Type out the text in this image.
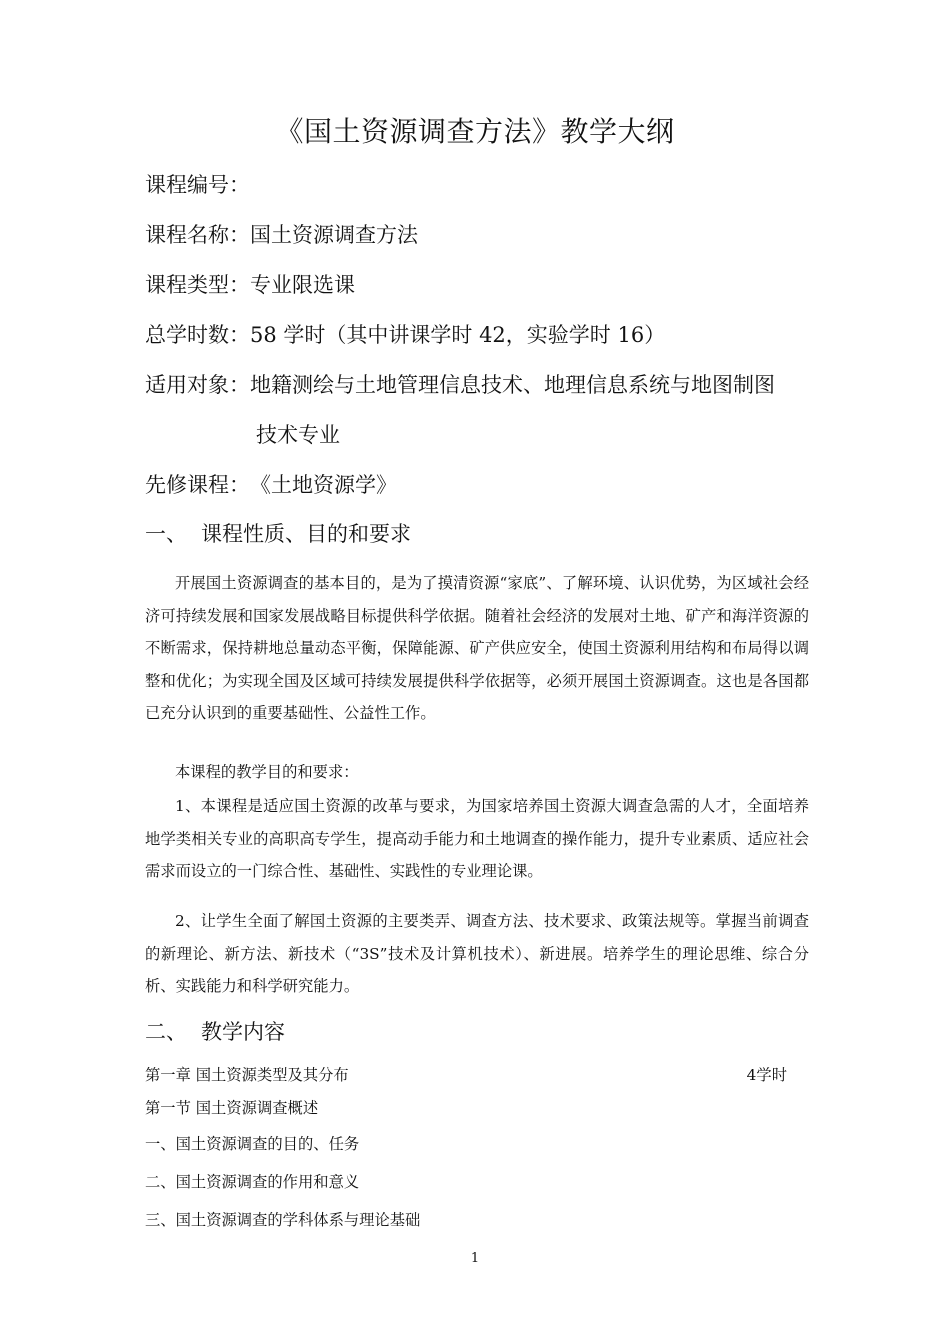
《国土资源调查方法》教学大纲
课程编号：
课程名称：国土资源调查方法
课程类型：专业限选课
总学时数：58 学时（其中讲课学时 42，实验学时 16）
适用对象：地籍测绘与土地管理信息技术、地理信息系统与地图制图
技术专业
先修课程：《土地资源学》
一、 课程性质、目的和要求
开展国土资源调查的基本目的，是为了摸清资源“家底”、了解环境、认识优势，为区域社会经济可持续发展和国家发展战略目标提供科学依据。随着社会经济的发展对土地、矿产和海洋资源的不断需求，保持耕地总量动态平衡，保障能源、矿产供应安全，使国土资源利用结构和布局得以调整和优化；为实现全国及区域可持续发展提供科学依据等，必须开展国土资源调查。这也是各国都已充分认识到的重要基础性、公益性工作。
本课程的教学目的和要求：
1、本课程是适应国土资源的改革与要求，为国家培养国土资源大调查急需的人才，全面培养地学类相关专业的高职高专学生，提高动手能力和土地调查的操作能力，提升专业素质、适应社会需求而设立的一门综合性、基础性、实践性的专业理论课。
2、让学生全面了解国土资源的主要类弄、调查方法、技术要求、政策法规等。掌握当前调查的新理论、新方法、新技术（“3S”技术及计算机技术）、新进展。培养学生的理论思维、综合分析、实践能力和科学研究能力。
二、 教学内容
第一章 国土资源类型及其分布	4学时
第一节 国土资源调查概述
一、国土资源调查的目的、任务
二、国土资源调查的作用和意义
三、国土资源调查的学科体系与理论基础
1
